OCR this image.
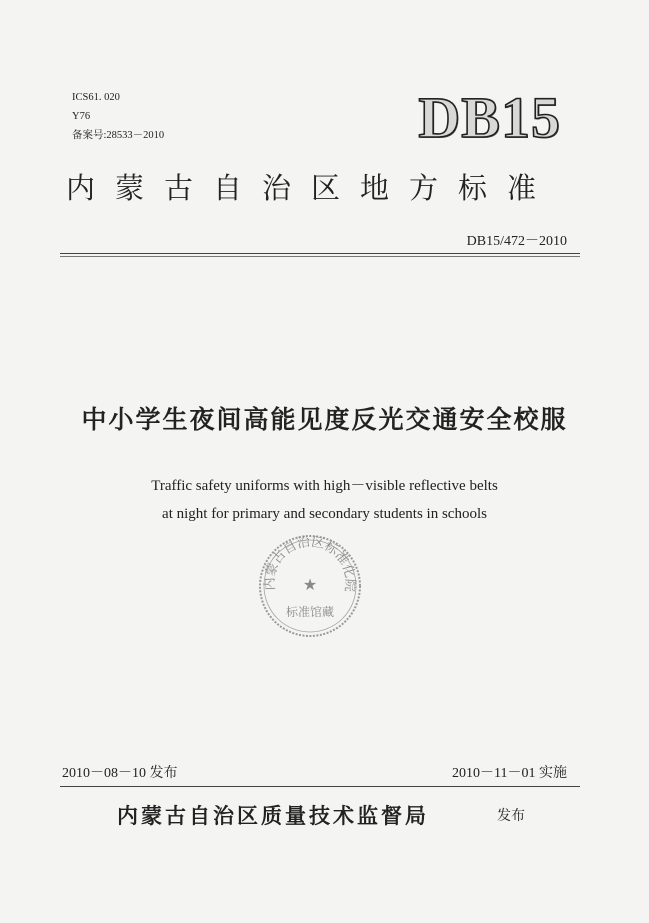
ICS61. 020
Y76
备案号:28533－2010	DB15
内蒙古自治区地方标准
DB15/472－2010
中小学生夜间高能见度反光交通安全校服
Traffic safety uniforms with high－visible reflective belts
at night for primary and secondary students in schools
内蒙古自治区标准化院
★
标准馆藏
2010－08－10 发布	2010－11－01 实施
内蒙古自治区质量技术监督局	发布
